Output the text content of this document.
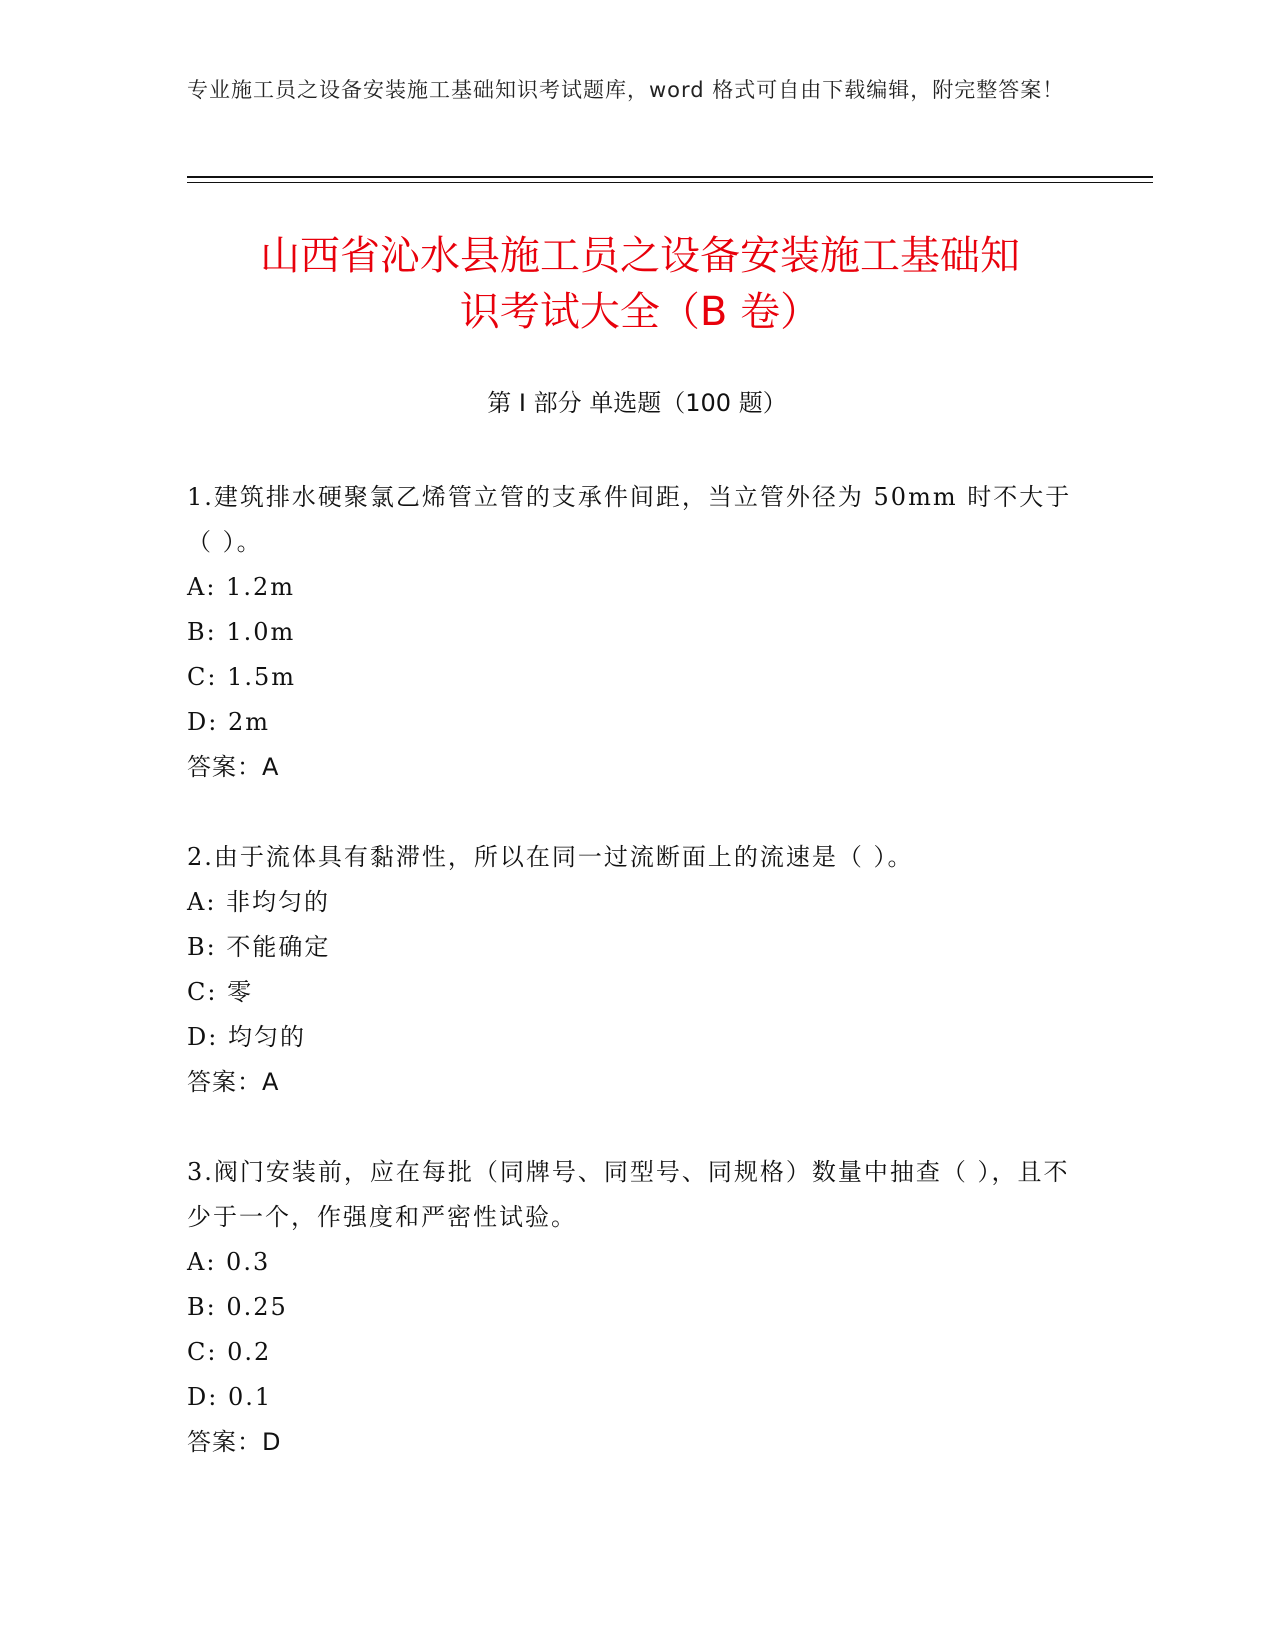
专业施工员之设备安装施工基础知识考试题库，word 格式可自由下载编辑，附完整答案！
山西省沁水县施工员之设备安装施工基础知
识考试大全（B 卷）
第 I 部分 单选题（100 题）
1.建筑排水硬聚氯乙烯管立管的支承件间距，当立管外径为 50mm 时不大于（ ）。
A: 1.2m
B: 1.0m
C: 1.5m
D: 2m
答案：A
2.由于流体具有黏滞性，所以在同一过流断面上的流速是（ ）。
A: 非均匀的
B: 不能确定
C: 零
D: 均匀的
答案：A
3.阀门安装前，应在每批（同牌号、同型号、同规格）数量中抽查（ ），且不少于一个，作强度和严密性试验。
A: 0.3
B: 0.25
C: 0.2
D: 0.1
答案：D
